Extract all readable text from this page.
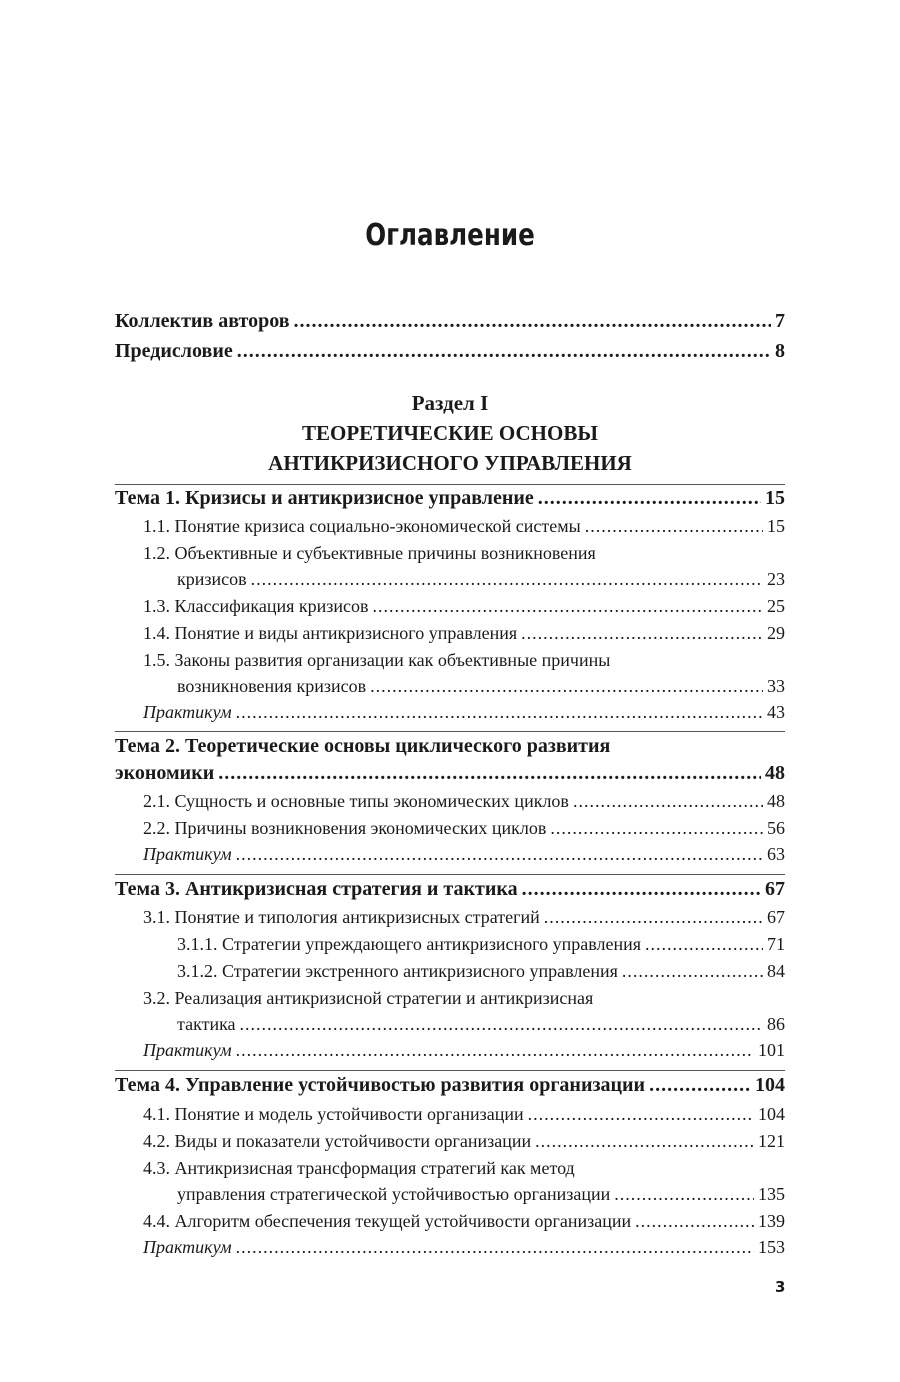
Оглавление
Коллектив авторов .....	7
Предисловие .....	8
Раздел I
ТЕОРЕТИЧЕСКИЕ ОСНОВЫ
АНТИКРИЗИСНОГО УПРАВЛЕНИЯ
Тема 1. Кризисы и антикризисное управление .....	15
1.1. Понятие кризиса социально-экономической системы .....	15
1.2. Объективные и субъективные причины возникновения
кризисов .....	23
1.3. Классификация кризисов .....	25
1.4. Понятие и виды антикризисного управления .....	29
1.5. Законы развития организации как объективные причины
возникновения кризисов .....	33
Практикум .....	43
Тема 2. Теоретические основы циклического развития
экономики .....	48
2.1. Сущность и основные типы экономических циклов .....	48
2.2. Причины возникновения экономических циклов .....	56
Практикум .....	63
Тема 3. Антикризисная стратегия и тактика .....	67
3.1. Понятие и типология антикризисных стратегий .....	67
3.1.1. Стратегии упреждающего антикризисного управления .....	71
3.1.2. Стратегии экстренного антикризисного управления .....	84
3.2. Реализация антикризисной стратегии и антикризисная
тактика .....	86
Практикум .....	101
Тема 4. Управление устойчивостью развития организации .....	104
4.1. Понятие и модель устойчивости организации .....	104
4.2. Виды и показатели устойчивости организации .....	121
4.3. Антикризисная трансформация стратегий как метод
управления стратегической устойчивостью организации .....	135
4.4. Алгоритм обеспечения текущей устойчивости организации .....	139
Практикум .....	153
3
